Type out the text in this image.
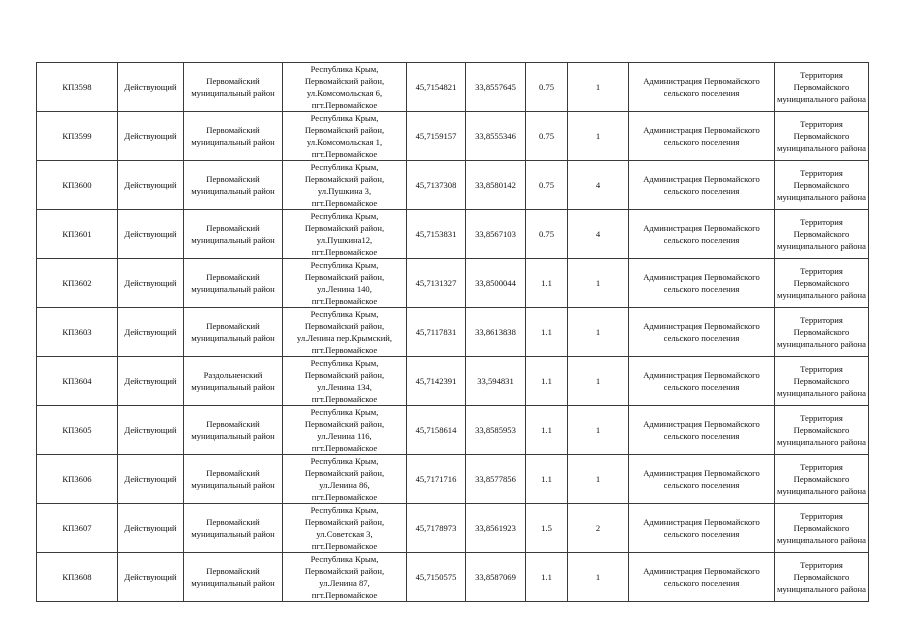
КП3598	Действующий	Первомайский муниципальный район	Республика Крым,
Первомайский район,
ул.Комсомольская 6,
пгт.Первомайское	45,7154821	33,8557645	0.75	1	Администрация Первомайского сельского поселения	Территория Первомайского муниципального района
КП3599	Действующий	Первомайский муниципальный район	Республика Крым,
Первомайский район,
ул.Комсомольская 1,
пгт.Первомайское	45,7159157	33,8555346	0.75	1	Администрация Первомайского сельского поселения	Территория Первомайского муниципального района
КП3600	Действующий	Первомайский муниципальный район	Республика Крым,
Первомайский район,
ул.Пушкина 3,
пгт.Первомайское	45,7137308	33,8580142	0.75	4	Администрация Первомайского сельского поселения	Территория Первомайского муниципального района
КП3601	Действующий	Первомайский муниципальный район	Республика Крым,
Первомайский район,
ул.Пушкина12,
пгт.Первомайское	45,7153831	33,8567103	0.75	4	Администрация Первомайского сельского поселения	Территория Первомайского муниципального района
КП3602	Действующий	Первомайский муниципальный район	Республика Крым,
Первомайский район,
ул.Ленина 140,
пгт.Первомайское	45,7131327	33,8500044	1.1	1	Администрация Первомайского сельского поселения	Территория Первомайского муниципального района
КП3603	Действующий	Первомайский муниципальный район	Республика Крым,
Первомайский район,
ул.Ленина пер.Крымский,
пгт.Первомайское	45,7117831	33,8613838	1.1	1	Администрация Первомайского сельского поселения	Территория Первомайского муниципального района
КП3604	Действующий	Раздольненский муниципальный район	Республика Крым,
Первомайский район,
ул.Ленина 134,
пгт.Первомайское	45,7142391	33,594831	1.1	1	Администрация Первомайского сельского поселения	Территория Первомайского муниципального района
КП3605	Действующий	Первомайский муниципальный район	Республика Крым,
Первомайский район,
ул.Ленина 116,
пгт.Первомайское	45,7158614	33,8585953	1.1	1	Администрация Первомайского сельского поселения	Территория Первомайского муниципального района
КП3606	Действующий	Первомайский муниципальный район	Республика Крым,
Первомайский район,
ул.Ленина 86,
пгт.Первомайское	45,7171716	33,8577856	1.1	1	Администрация Первомайского сельского поселения	Территория Первомайского муниципального района
КП3607	Действующий	Первомайский муниципальный район	Республика Крым,
Первомайский район,
ул.Советская 3,
пгт.Первомайское	45,7178973	33,8561923	1.5	2	Администрация Первомайского сельского поселения	Территория Первомайского муниципального района
КП3608	Действующий	Первомайский муниципальный район	Республика Крым,
Первомайский район,
ул.Ленина 87,
пгт.Первомайское	45,7150575	33,8587069	1.1	1	Администрация Первомайского сельского поселения	Территория Первомайского муниципального района
